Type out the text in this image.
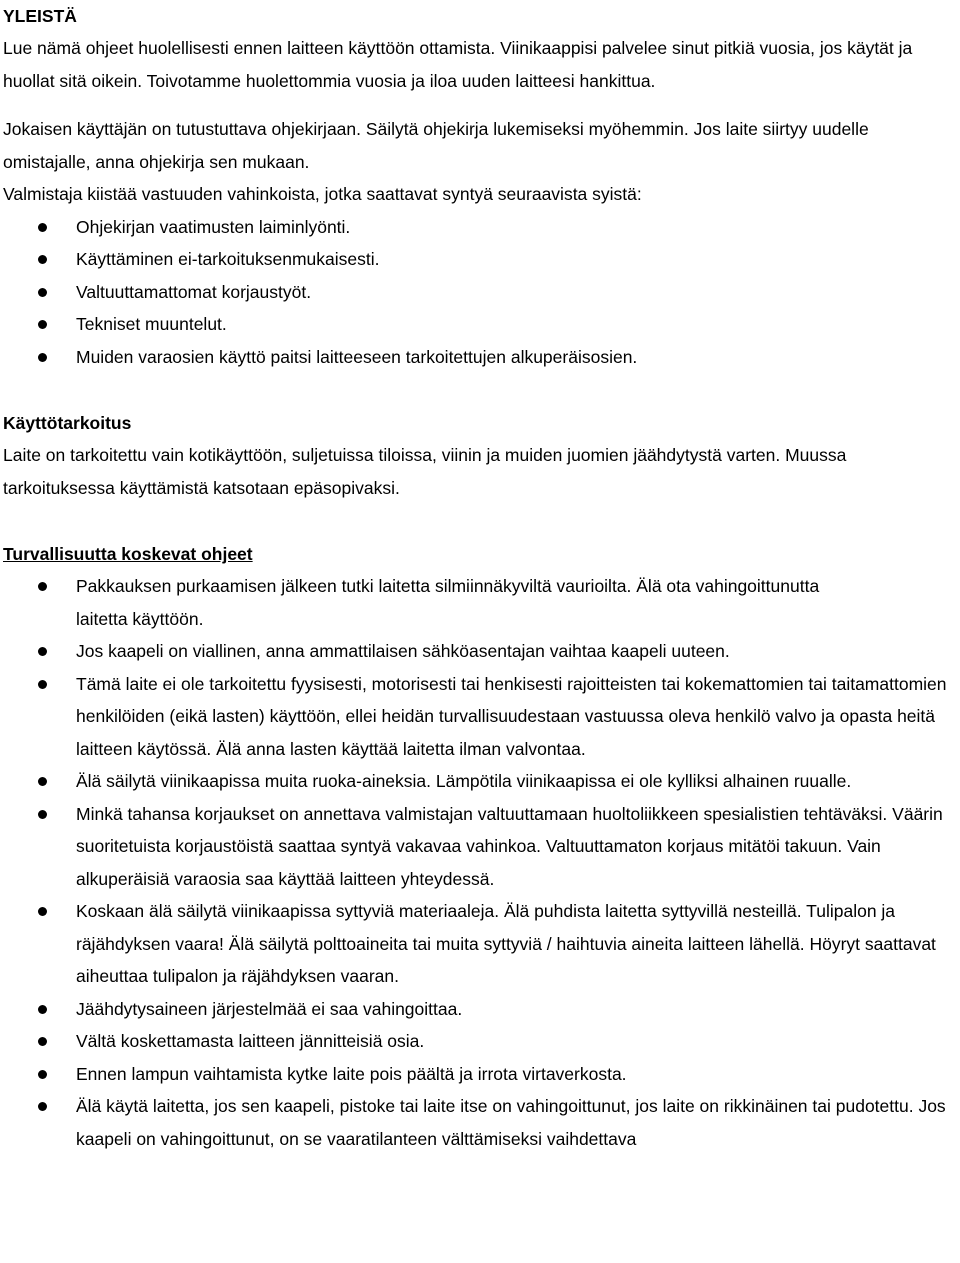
YLEISTÄ

Lue nämä ohjeet huolellisesti ennen laitteen käyttöön ottamista. Viinikaappisi palvelee sinut pitkiä vuosia, jos käytät ja huollat sitä oikein. Toivotamme huolettommia vuosia ja iloa uuden laitteesi hankittua.

Jokaisen käyttäjän on tutustuttava ohjekirjaan. Säilytä ohjekirja lukemiseksi myöhemmin. Jos laite siirtyy uudelle omistajalle, anna ohjekirja sen mukaan.

Valmistaja kiistää vastuuden vahinkoista, jotka saattavat syntyä seuraavista syistä:

Ohjekirjan vaatimusten laiminlyönti.
Käyttäminen ei-tarkoituksenmukaisesti.
Valtuuttamattomat korjaustyöt.
Tekniset muuntelut.
Muiden varaosien käyttö paitsi laitteeseen tarkoitettujen alkuperäisosien.
Käyttötarkoitus

Laite on tarkoitettu vain kotikäyttöön, suljetuissa tiloissa, viinin ja muiden juomien jäähdytystä varten. Muussa tarkoituksessa käyttämistä katsotaan epäsopivaksi.

Turvallisuutta koskevat ohjeet
Pakkauksen purkaamisen jälkeen tutki laitetta silmiinnäkyviltä vaurioilta. Älä ota vahingoittunutta laitetta käyttöön.
Jos kaapeli on viallinen, anna ammattilaisen sähköasentajan vaihtaa kaapeli uuteen.
Tämä laite ei ole tarkoitettu fyysisesti, motorisesti tai henkisesti rajoitteisten tai kokemattomien tai taitamattomien henkilöiden (eikä lasten) käyttöön, ellei heidän turvallisuudestaan vastuussa oleva henkilö valvo ja opasta heitä laitteen käytössä. Älä anna lasten käyttää laitetta ilman valvontaa.
Älä säilytä viinikaapissa muita ruoka-aineksia. Lämpötila viinikaapissa ei ole kylliksi alhainen ruualle.
Minkä tahansa korjaukset on annettava valmistajan valtuuttamaan huoltoliikkeen spesialistien tehtäväksi. Väärin suoritetuista korjaustöistä saattaa syntyä vakavaa vahinkoa. Valtuuttamaton korjaus mitätöi takuun. Vain alkuperäisiä varaosia saa käyttää laitteen yhteydessä.
Koskaan älä säilytä viinikaapissa syttyviä materiaaleja. Älä puhdista laitetta syttyvillä nesteillä. Tulipalon ja räjähdyksen vaara! Älä säilytä polttoaineita tai muita syttyviä / haihtuvia aineita laitteen lähellä. Höyryt saattavat aiheuttaa tulipalon ja räjähdyksen vaaran.
Jäähdytysaineen järjestelmää ei saa vahingoittaa.
Vältä koskettamasta laitteen jännitteisiä osia.
Ennen lampun vaihtamista kytke laite pois päältä ja irrota virtaverkosta.
Älä käytä laitetta, jos sen kaapeli, pistoke tai laite itse on vahingoittunut, jos laite on rikkinäinen tai pudotettu. Jos kaapeli on vahingoittunut, on se vaaratilanteen välttämiseksi vaihdettava
